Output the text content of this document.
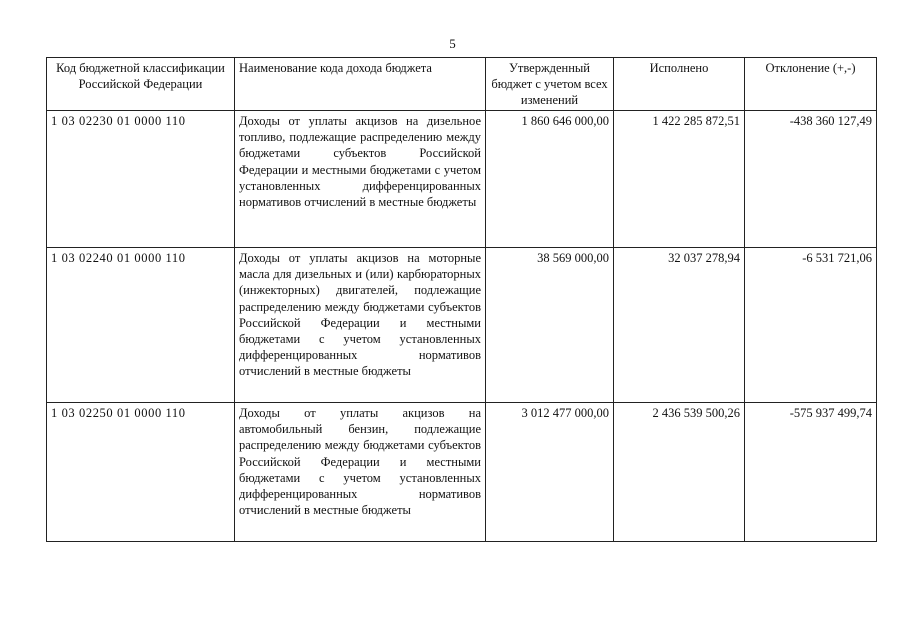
5
Код бюджетной классификации Российской Федерации	Наименование кода дохода бюджета	Утвержденный бюджет с учетом всех изменений	Исполнено	Отклонение (+,-)
1 03 02230 01 0000 110	Доходы от уплаты акцизов на дизельное топливо, подлежащие распределению между бюджетами субъектов Российской Федерации и местными бюджетами с учетом установленных дифференцированных нормативов отчислений в местные бюджеты	1 860 646 000,00	1 422 285 872,51	-438 360 127,49
1 03 02240 01 0000 110	Доходы от уплаты акцизов на моторные масла для дизельных и (или) карбюраторных (инжекторных) двигателей, подлежащие распределению между бюджетами субъектов Российской Федерации и местными бюджетами с учетом установленных дифференцированных нормативов отчислений в местные бюджеты	38 569 000,00	32 037 278,94	-6 531 721,06
1 03 02250 01 0000 110	Доходы от уплаты акцизов на автомобильный бензин, подлежащие распределению между бюджетами субъектов Российской Федерации и местными бюджетами с учетом установленных дифференцированных нормативов отчислений в местные бюджеты	3 012 477 000,00	2 436 539 500,26	-575 937 499,74
